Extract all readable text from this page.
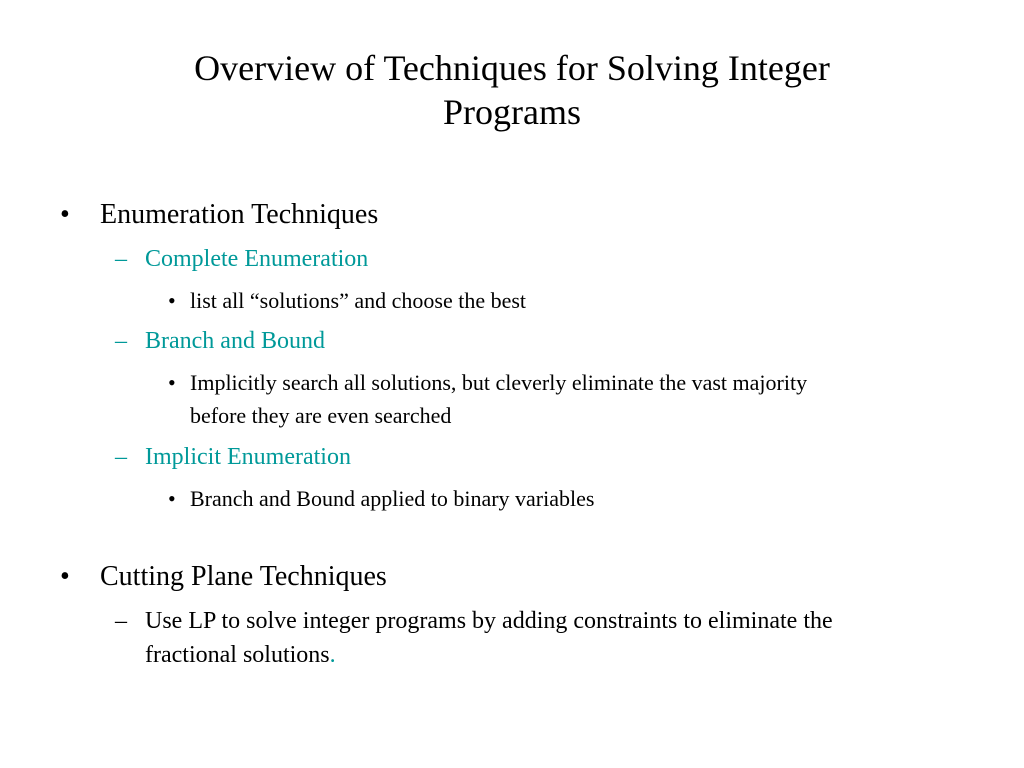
Overview of Techniques for Solving Integer
Programs
• Enumeration Techniques
– Complete Enumeration
• list all “solutions” and choose the best
– Branch and Bound
• Implicitly search all solutions, but cleverly eliminate the vast majority
before they are even searched
– Implicit Enumeration
• Branch and Bound applied to binary variables
• Cutting Plane Techniques
– Use LP to solve integer programs by adding constraints to eliminate the
fractional solutions.
